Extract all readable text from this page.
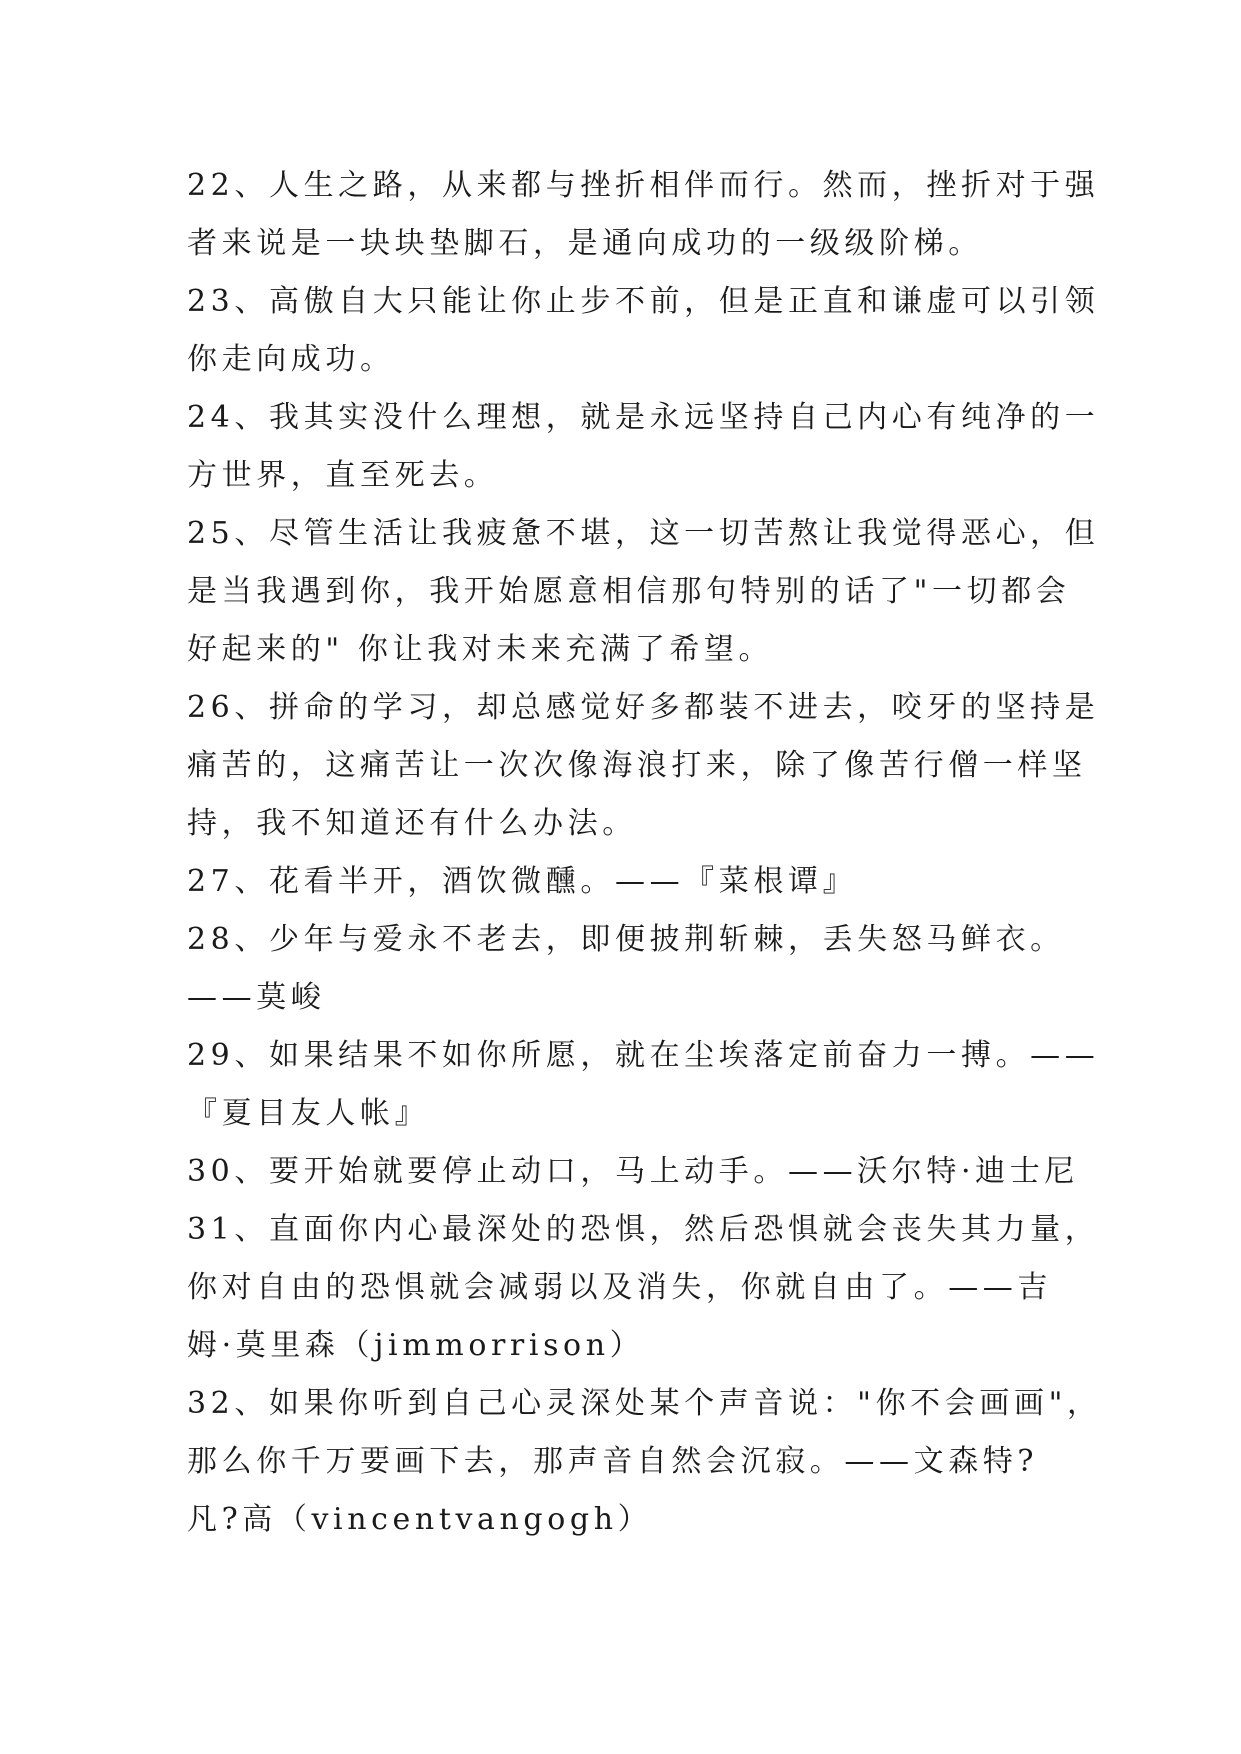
22、人生之路，从来都与挫折相伴而行。然而，挫折对于强
者来说是一块块垫脚石，是通向成功的一级级阶梯。
23、高傲自大只能让你止步不前，但是正直和谦虚可以引领
你走向成功。
24、我其实没什么理想，就是永远坚持自己内心有纯净的一
方世界，直至死去。
25、尽管生活让我疲惫不堪，这一切苦熬让我觉得恶心，但
是当我遇到你，我开始愿意相信那句特别的话了"一切都会
好起来的" 你让我对未来充满了希望。
26、拼命的学习，却总感觉好多都装不进去，咬牙的坚持是
痛苦的，这痛苦让一次次像海浪打来，除了像苦行僧一样坚
持，我不知道还有什么办法。
27、花看半开，酒饮微醺。——『菜根谭』
28、少年与爱永不老去，即便披荆斩棘，丢失怒马鲜衣。
——莫峻
29、如果结果不如你所愿，就在尘埃落定前奋力一搏。——
『夏目友人帐』
30、要开始就要停止动口，马上动手。——沃尔特·迪士尼
31、直面你内心最深处的恐惧，然后恐惧就会丧失其力量，
你对自由的恐惧就会减弱以及消失，你就自由了。——吉
姆·莫里森（jimmorrison）
32、如果你听到自己心灵深处某个声音说："你不会画画"，
那么你千万要画下去，那声音自然会沉寂。——文森特?
凡?高（vincentvangogh）
